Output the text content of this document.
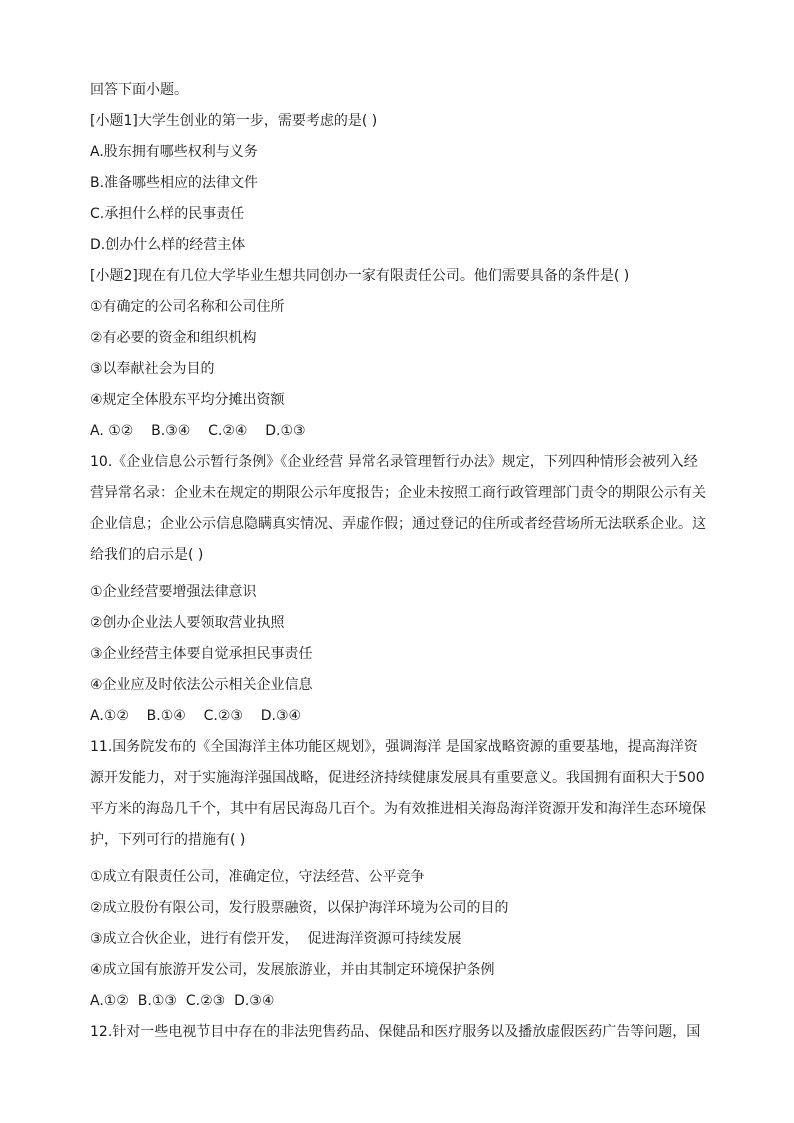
回答下面小题。
[小题1]大学生创业的第一步，需要考虑的是( )
A.股东拥有哪些权利与义务
B.准备哪些相应的法律文件
C.承担什么样的民事责任
D.创办什么样的经营主体
[小题2]现在有几位大学毕业生想共同创办一家有限责任公司。他们需要具备的条件是( )
①有确定的公司名称和公司住所
②有必要的资金和组织机构
③以奉献社会为目的
④规定全体股东平均分摊出资额
A. ①②    B.③④    C.②④    D.①③
10.《企业信息公示暂行条例》《企业经营 异常名录管理暂行办法》规定，下列四种情形会被列入经
营异常名录：企业未在规定的期限公示年度报告；企业未按照工商行政管理部门责令的期限公示有关
企业信息；企业公示信息隐瞒真实情况、弄虚作假；通过登记的住所或者经营场所无法联系企业。这
给我们的启示是( )
①企业经营要增强法律意识
②创办企业法人要领取营业执照
③企业经营主体要自觉承担民事责任
④企业应及时依法公示相关企业信息
A.①②    B.①④    C.②③    D.③④
11.国务院发布的《全国海洋主体功能区规划》，强调海洋 是国家战略资源的重要基地，提高海洋资
源开发能力，对于实施海洋强国战略，促进经济持续健康发展具有重要意义。我国拥有面积大于500
平方米的海岛几千个，其中有居民海岛几百个。为有效推进相关海岛海洋资源开发和海洋生态环境保
护，下列可行的措施有( )
①成立有限责任公司，准确定位，守法经营、公平竞争
②成立股份有限公司，发行股票融资，以保护海洋环境为公司的目的
③成立合伙企业，进行有偿开发，  促进海洋资源可持续发展
④成立国有旅游开发公司，发展旅游业，并由其制定环境保护条例
A.①②  B.①③  C.②③  D.③④
12.针对一些电视节目中存在的非法兜售药品、保健品和医疗服务以及播放虚假医药广告等问题，国
